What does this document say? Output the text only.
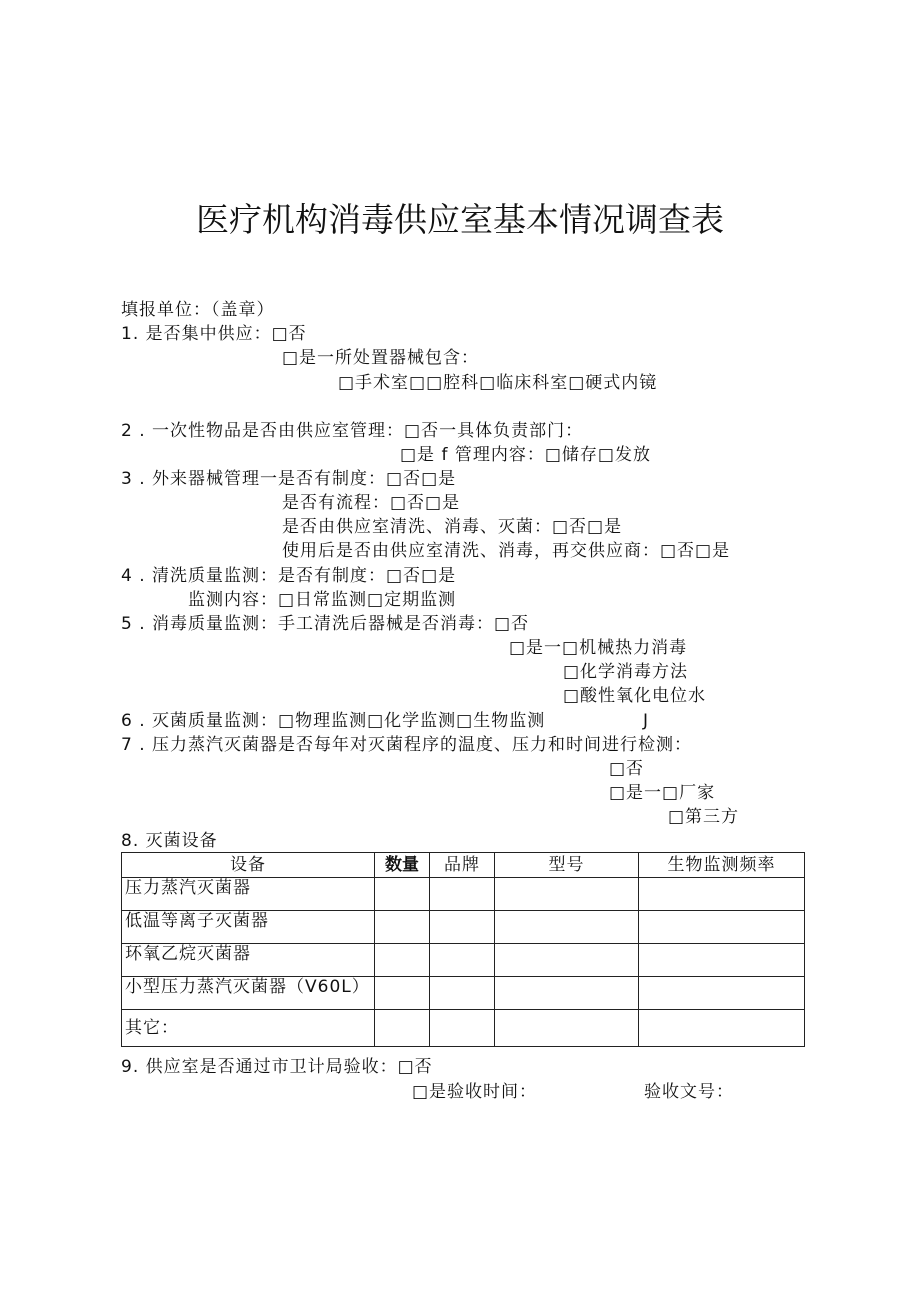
医疗机构消毒供应室基本情况调查表
填报单位：（盖章）
1. 是否集中供应：□否
□是一所处置器械包含：
□手术室□□腔科□临床科室□硬式内镜
2 . 一次性物品是否由供应室管理：□否一具体负责部门：
□是 f 管理内容：□储存□发放
3 . 外来器械管理一是否有制度：□否□是
是否有流程：□否□是
是否由供应室清洗、消毒、灭菌：□否□是
使用后是否由供应室清洗、消毒，再交供应商：□否□是
4 . 清洗质量监测：是否有制度：□否□是
监测内容：□日常监测□定期监测
5 . 消毒质量监测：手工清洗后器械是否消毒：□否
□是一□机械热力消毒
□化学消毒方法
□酸性氧化电位水
6 . 灭菌质量监测：□物理监测□化学监测□生物监测	J
7 . 压力蒸汽灭菌器是否每年对灭菌程序的温度、压力和时间进行检测：
□否
□是一□厂家
□第三方
8. 灭菌设备
设备	数量	品牌	型号	生物监测频率
压力蒸汽灭菌器				
低温等离子灭菌器				
环氧乙烷灭菌器				
小型压力蒸汽灭菌器（V60L）				
其它：				
9. 供应室是否通过市卫计局验收：□否
□是验收时间：	验收文号：
